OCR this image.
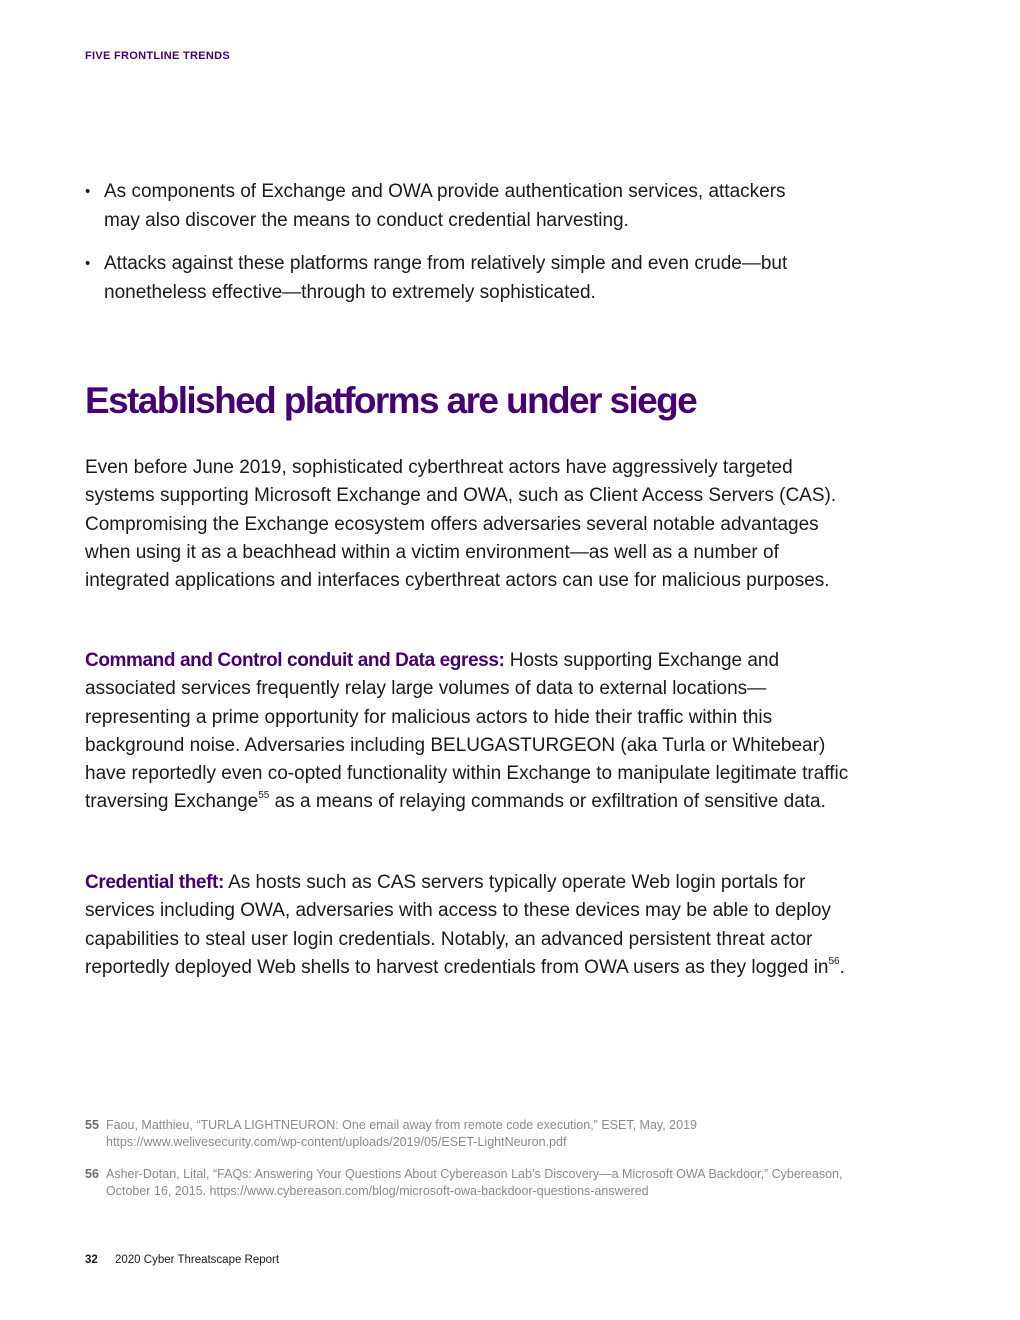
FIVE FRONTLINE TRENDS
• As components of Exchange and OWA provide authentication services, attackers may also discover the means to conduct credential harvesting.
• Attacks against these platforms range from relatively simple and even crude—but nonetheless effective—through to extremely sophisticated.
Established platforms are under siege

Even before June 2019, sophisticated cyberthreat actors have aggressively targeted systems supporting Microsoft Exchange and OWA, such as Client Access Servers (CAS). Compromising the Exchange ecosystem offers adversaries several notable advantages when using it as a beachhead within a victim environment—as well as a number of integrated applications and interfaces cyberthreat actors can use for malicious purposes.

Command and Control conduit and Data egress: Hosts supporting Exchange and associated services frequently relay large volumes of data to external locations—representing a prime opportunity for malicious actors to hide their traffic within this background noise. Adversaries including BELUGASTURGEON (aka Turla or Whitebear) have reportedly even co-opted functionality within Exchange to manipulate legitimate traffic traversing Exchange$^{55}$ as a means of relaying commands or exfiltration of sensitive data.

Credential theft: As hosts such as CAS servers typically operate Web login portals for services including OWA, adversaries with access to these devices may be able to deploy capabilities to steal user login credentials. Notably, an advanced persistent threat actor reportedly deployed Web shells to harvest credentials from OWA users as they logged $in^{56}$.

55 Faou, Matthieu, “TURLA LIGHTNEURON: One email away from remote code execution,” ESET, May, 2019 https://www.welivesecurity.com/wp-content/uploads/2019/05/ESET-LightNeuron.pdf
56 Asher-Dotan, Lital, “FAQs: Answering Your Questions About Cybereason Lab’s Discovery—a Microsoft OWA Backdoor,” Cybereason, October 16, 2015. https://www.cybereason.com/blog/microsoft-owa-backdoor-questions-answered
32 2020 Cyber Threatscape Report
